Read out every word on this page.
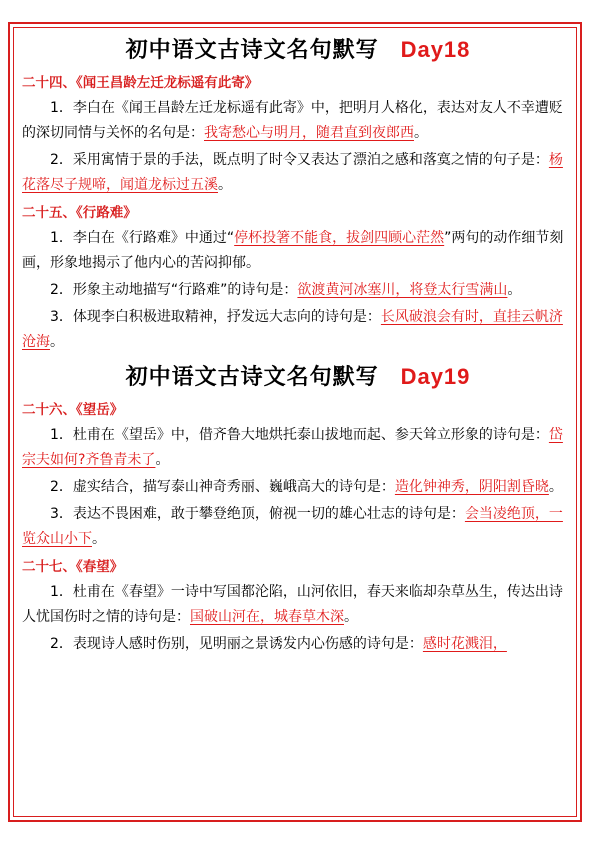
初中语文古诗文名句默写 Day18
二十四、《闻王昌龄左迁龙标遥有此寄》

1．李白在《闻王昌龄左迁龙标遥有此寄》中，把明月人格化，表达对友人不幸遭贬的深切同情与关怀的名句是：我寄愁心与明月，随君直到夜郎西。

2．采用寓情于景的手法，既点明了时令又表达了漂泊之感和落寞之情的句子是：杨花落尽子规啼，闻道龙标过五溪。

二十五、《行路难》

1．李白在《行路难》中通过“停杯投箸不能食，拔剑四顾心茫然”两句的动作细节刻画，形象地揭示了他内心的苦闷抑郁。

2．形象主动地描写“行路难”的诗句是：欲渡黄河冰塞川，将登太行雪满山。

3．体现李白积极进取精神，抒发远大志向的诗句是：长风破浪会有时，直挂云帆济沧海。

初中语文古诗文名句默写 Day19
二十六、《望岳》

1．杜甫在《望岳》中，借齐鲁大地烘托泰山拔地而起、参天耸立形象的诗句是：岱宗夫如何?齐鲁青未了。

2．虚实结合，描写泰山神奇秀丽、巍峨高大的诗句是：造化钟神秀，阴阳割昏晓。

3．表达不畏困难，敢于攀登绝顶，俯视一切的雄心壮志的诗句是：会当凌绝顶，一览众山小下。

二十七、《春望》

1．杜甫在《春望》一诗中写国都沦陷，山河依旧，春天来临却杂草丛生，传达出诗人忧国伤时之情的诗句是：国破山河在，城春草木深。

2．表现诗人感时伤别，见明丽之景诱发内心伤感的诗句是：感时花溅泪，
